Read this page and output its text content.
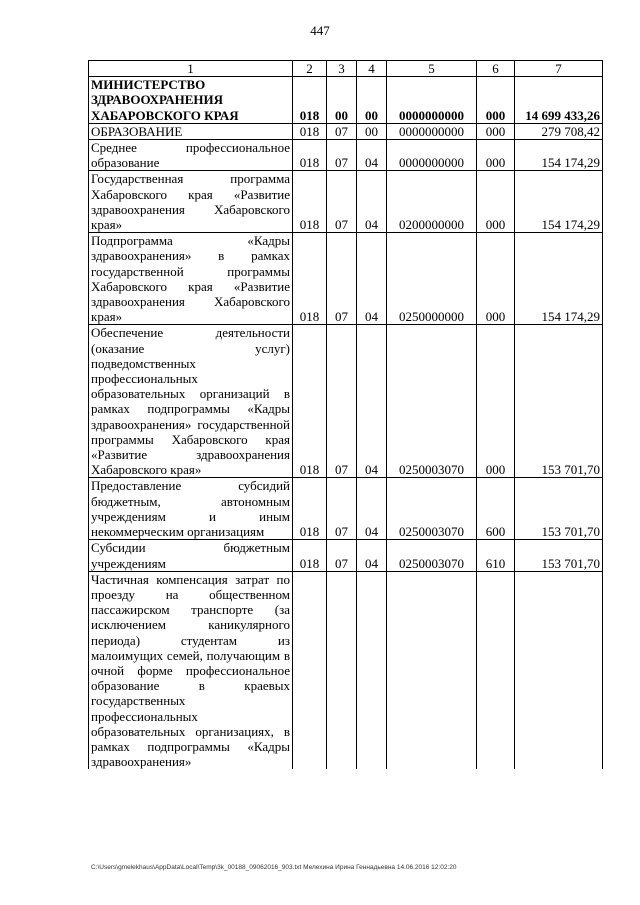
447
1	2	3	4	5	6	7
МИНИСТЕРСТВО ЗДРАВООХРАНЕНИЯ ХАБАРОВСКОГО КРАЯ	018	00	00	0000000000	000	14 699 433,26
ОБРАЗОВАНИЕ	018	07	00	0000000000	000	279 708,42
Среднее профессиональное образование	018	07	04	0000000000	000	154 174,29
Государственная программа Хабаровского края «Развитие здравоохранения Хабаровского края»	018	07	04	0200000000	000	154 174,29
Подпрограмма «Кадры здравоохранения» в рамках государственной программы Хабаровского края «Развитие здравоохранения Хабаровского края»	018	07	04	0250000000	000	154 174,29
Обеспечение деятельности (оказание услуг) подведомственных профессиональных образовательных организаций в рамках подпрограммы «Кадры здравоохранения» государственной программы Хабаровского края «Развитие здравоохранения Хабаровского края»	018	07	04	0250003070	000	153 701,70
Предоставление субсидий бюджетным, автономным учреждениям и иным некоммерческим организациям	018	07	04	0250003070	600	153 701,70
Субсидии бюджетным учреждениям	018	07	04	0250003070	610	153 701,70
Частичная компенсация затрат по проезду на общественном пассажирском транспорте (за исключением каникулярного периода) студентам из малоимущих семей, получающим в очной форме профессиональное образование в краевых государственных профессиональных образовательных организациях, в рамках подпрограммы «Кадры здравоохранения»						
C:\Users\gmelekhaus\AppData\Local\Temp\3k_00188_09062016_903.txt Мелехина Ирина Геннадьевна 14.06.2016 12:02:20
